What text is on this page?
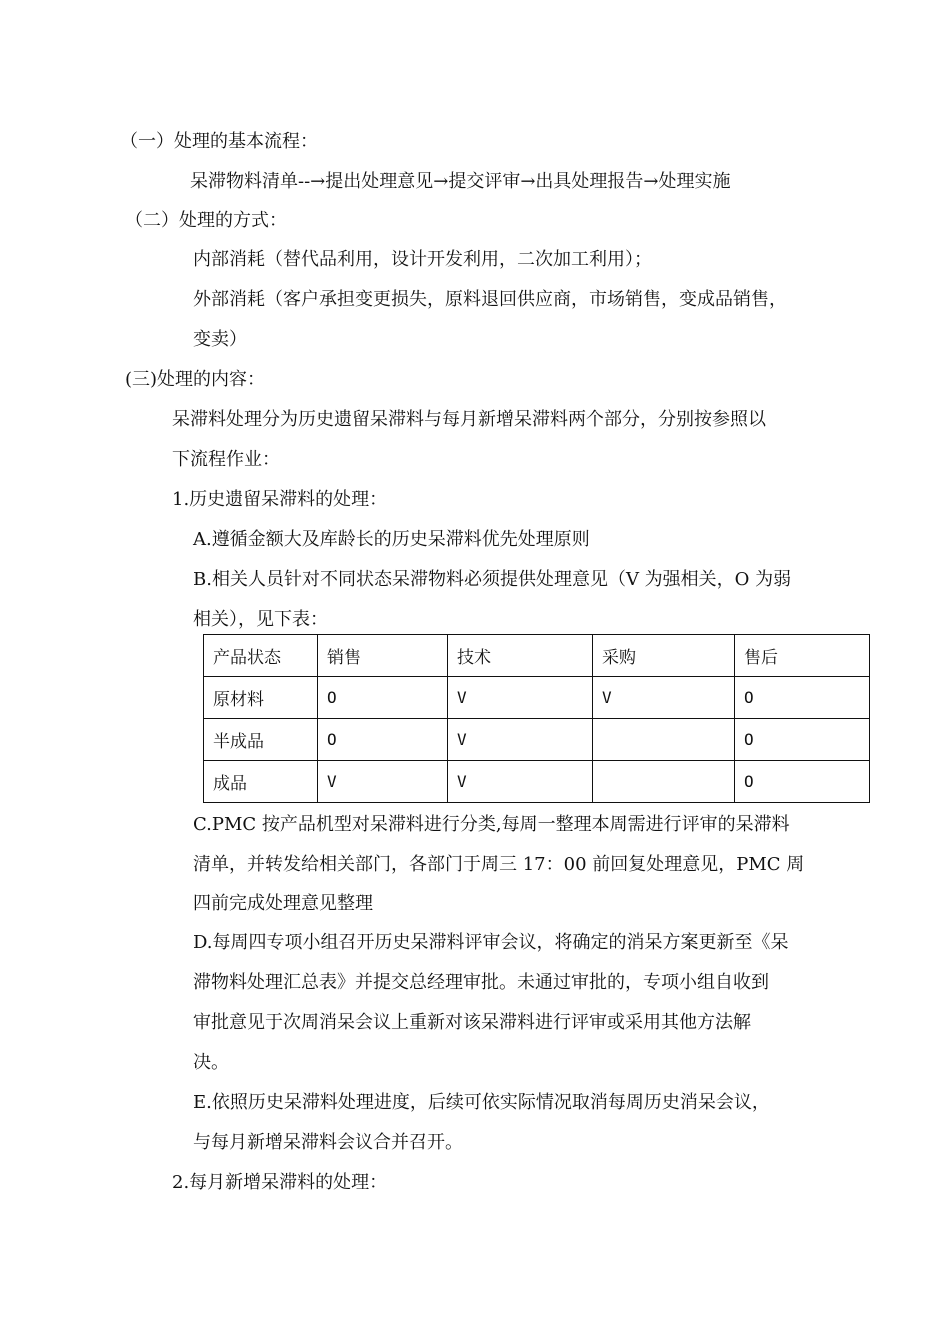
（一）处理的基本流程：
呆滞物料清单--→提出处理意见→提交评审→出具处理报告→处理实施
（二）处理的方式：
内部消耗（替代品利用，设计开发利用，二次加工利用）；
外部消耗（客户承担变更损失，原料退回供应商，市场销售，变成品销售，
变卖）
(三)处理的内容：
呆滞料处理分为历史遗留呆滞料与每月新增呆滞料两个部分，分别按参照以
下流程作业：
1.历史遗留呆滞料的处理：
A.遵循金额大及库龄长的历史呆滞料优先处理原则
B.相关人员针对不同状态呆滞物料必须提供处理意见（V 为强相关，O 为弱
相关），见下表：
产品状态	销售	技术	采购	售后
原材料	O	V	V	O
半成品	O	V		O
成品	V	V		O
C.PMC 按产品机型对呆滞料进行分类,每周一整理本周需进行评审的呆滞料
清单，并转发给相关部门，各部门于周三 17：00 前回复处理意见，PMC 周
四前完成处理意见整理
D.每周四专项小组召开历史呆滞料评审会议，将确定的消呆方案更新至《呆
滞物料处理汇总表》并提交总经理审批。未通过审批的，专项小组自收到
审批意见于次周消呆会议上重新对该呆滞料进行评审或采用其他方法解
决。
E.依照历史呆滞料处理进度，后续可依实际情况取消每周历史消呆会议，
与每月新增呆滞料会议合并召开。
2.每月新增呆滞料的处理：
